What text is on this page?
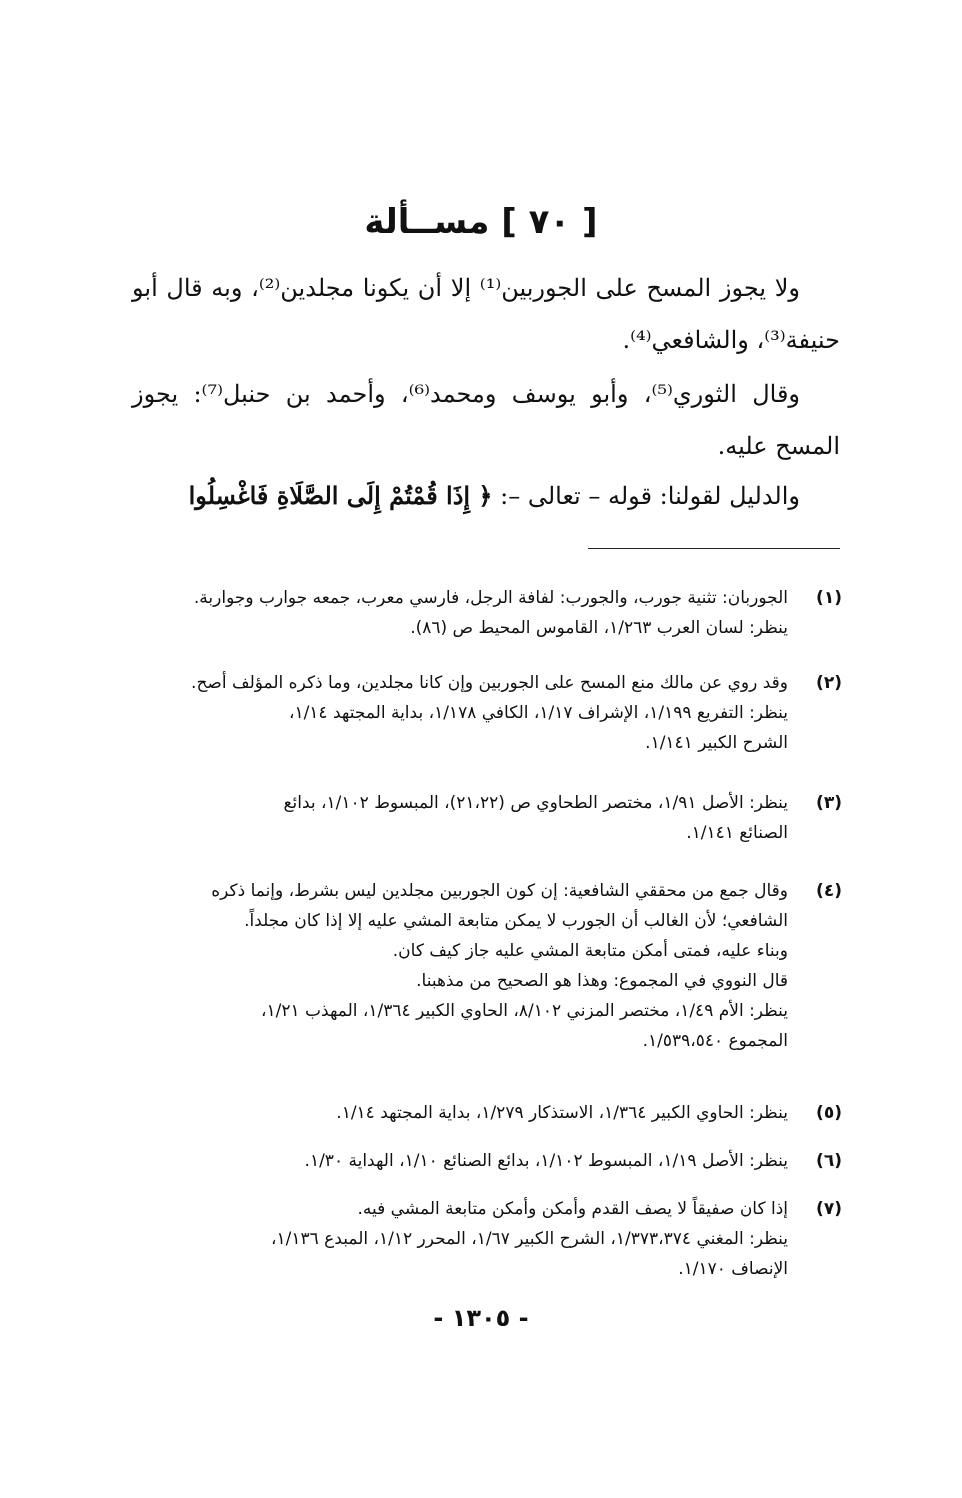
[ ٧٠ ] مســألة
ولا يجوز المسح على الجوربين⁽¹⁾ إلا أن يكونا مجلدين⁽²⁾، وبه قال أبو حنيفة⁽³⁾، والشافعي⁽⁴⁾.
وقال الثوري⁽⁵⁾، وأبو يوسف ومحمد⁽⁶⁾، وأحمد بن حنبل⁽⁷⁾: يجوز المسح عليه.
والدليل لقولنا: قوله – تعالى –: ﴿ إِذَا قُمْتُمْ إِلَى الصَّلَاةِ فَاغْسِلُوا
(١)
الجوربان: تثنية جورب، والجورب: لفافة الرجل، فارسي معرب، جمعه جوارب وجواربة.
ينظر: لسان العرب ١/٢٦٣، القاموس المحيط ص (٨٦).
(٢)
وقد روي عن مالك منع المسح على الجوربين وإن كانا مجلدين، وما ذكره المؤلف أصح.
ينظر: التفريع ١/١٩٩، الإشراف ١/١٧، الكافي ١/١٧٨، بداية المجتهد ١/١٤،
الشرح الكبير ١/١٤١.
(٣)
ينظر: الأصل ١/٩١، مختصر الطحاوي ص (٢١،٢٢)، المبسوط ١/١٠٢، بدائع
الصنائع ١/١٤١.
(٤)
وقال جمع من محققي الشافعية: إن كون الجوربين مجلدين ليس بشرط، وإنما ذكره
الشافعي؛ لأن الغالب أن الجورب لا يمكن متابعة المشي عليه إلا إذا كان مجلداً.
وبناء عليه، فمتى أمكن متابعة المشي عليه جاز كيف كان.
قال النووي في المجموع: وهذا هو الصحيح من مذهبنا.
ينظر: الأم ١/٤٩، مختصر المزني ٨/١٠٢، الحاوي الكبير ١/٣٦٤، المهذب ١/٢١،
المجموع ١/٥٣٩،٥٤٠.
(٥)
ينظر: الحاوي الكبير ١/٣٦٤، الاستذكار ١/٢٧٩، بداية المجتهد ١/١٤.
(٦)
ينظر: الأصل ١/١٩، المبسوط ١/١٠٢، بدائع الصنائع ١/١٠، الهداية ١/٣٠.
(٧)
إذا كان صفيقاً لا يصف القدم وأمكن وأمكن متابعة المشي فيه.
ينظر: المغني ١/٣٧٣،٣٧٤، الشرح الكبير ١/٦٧، المحرر ١/١٢، المبدع ١/١٣٦،
الإنصاف ١/١٧٠.
- ١٣٠٥ -
